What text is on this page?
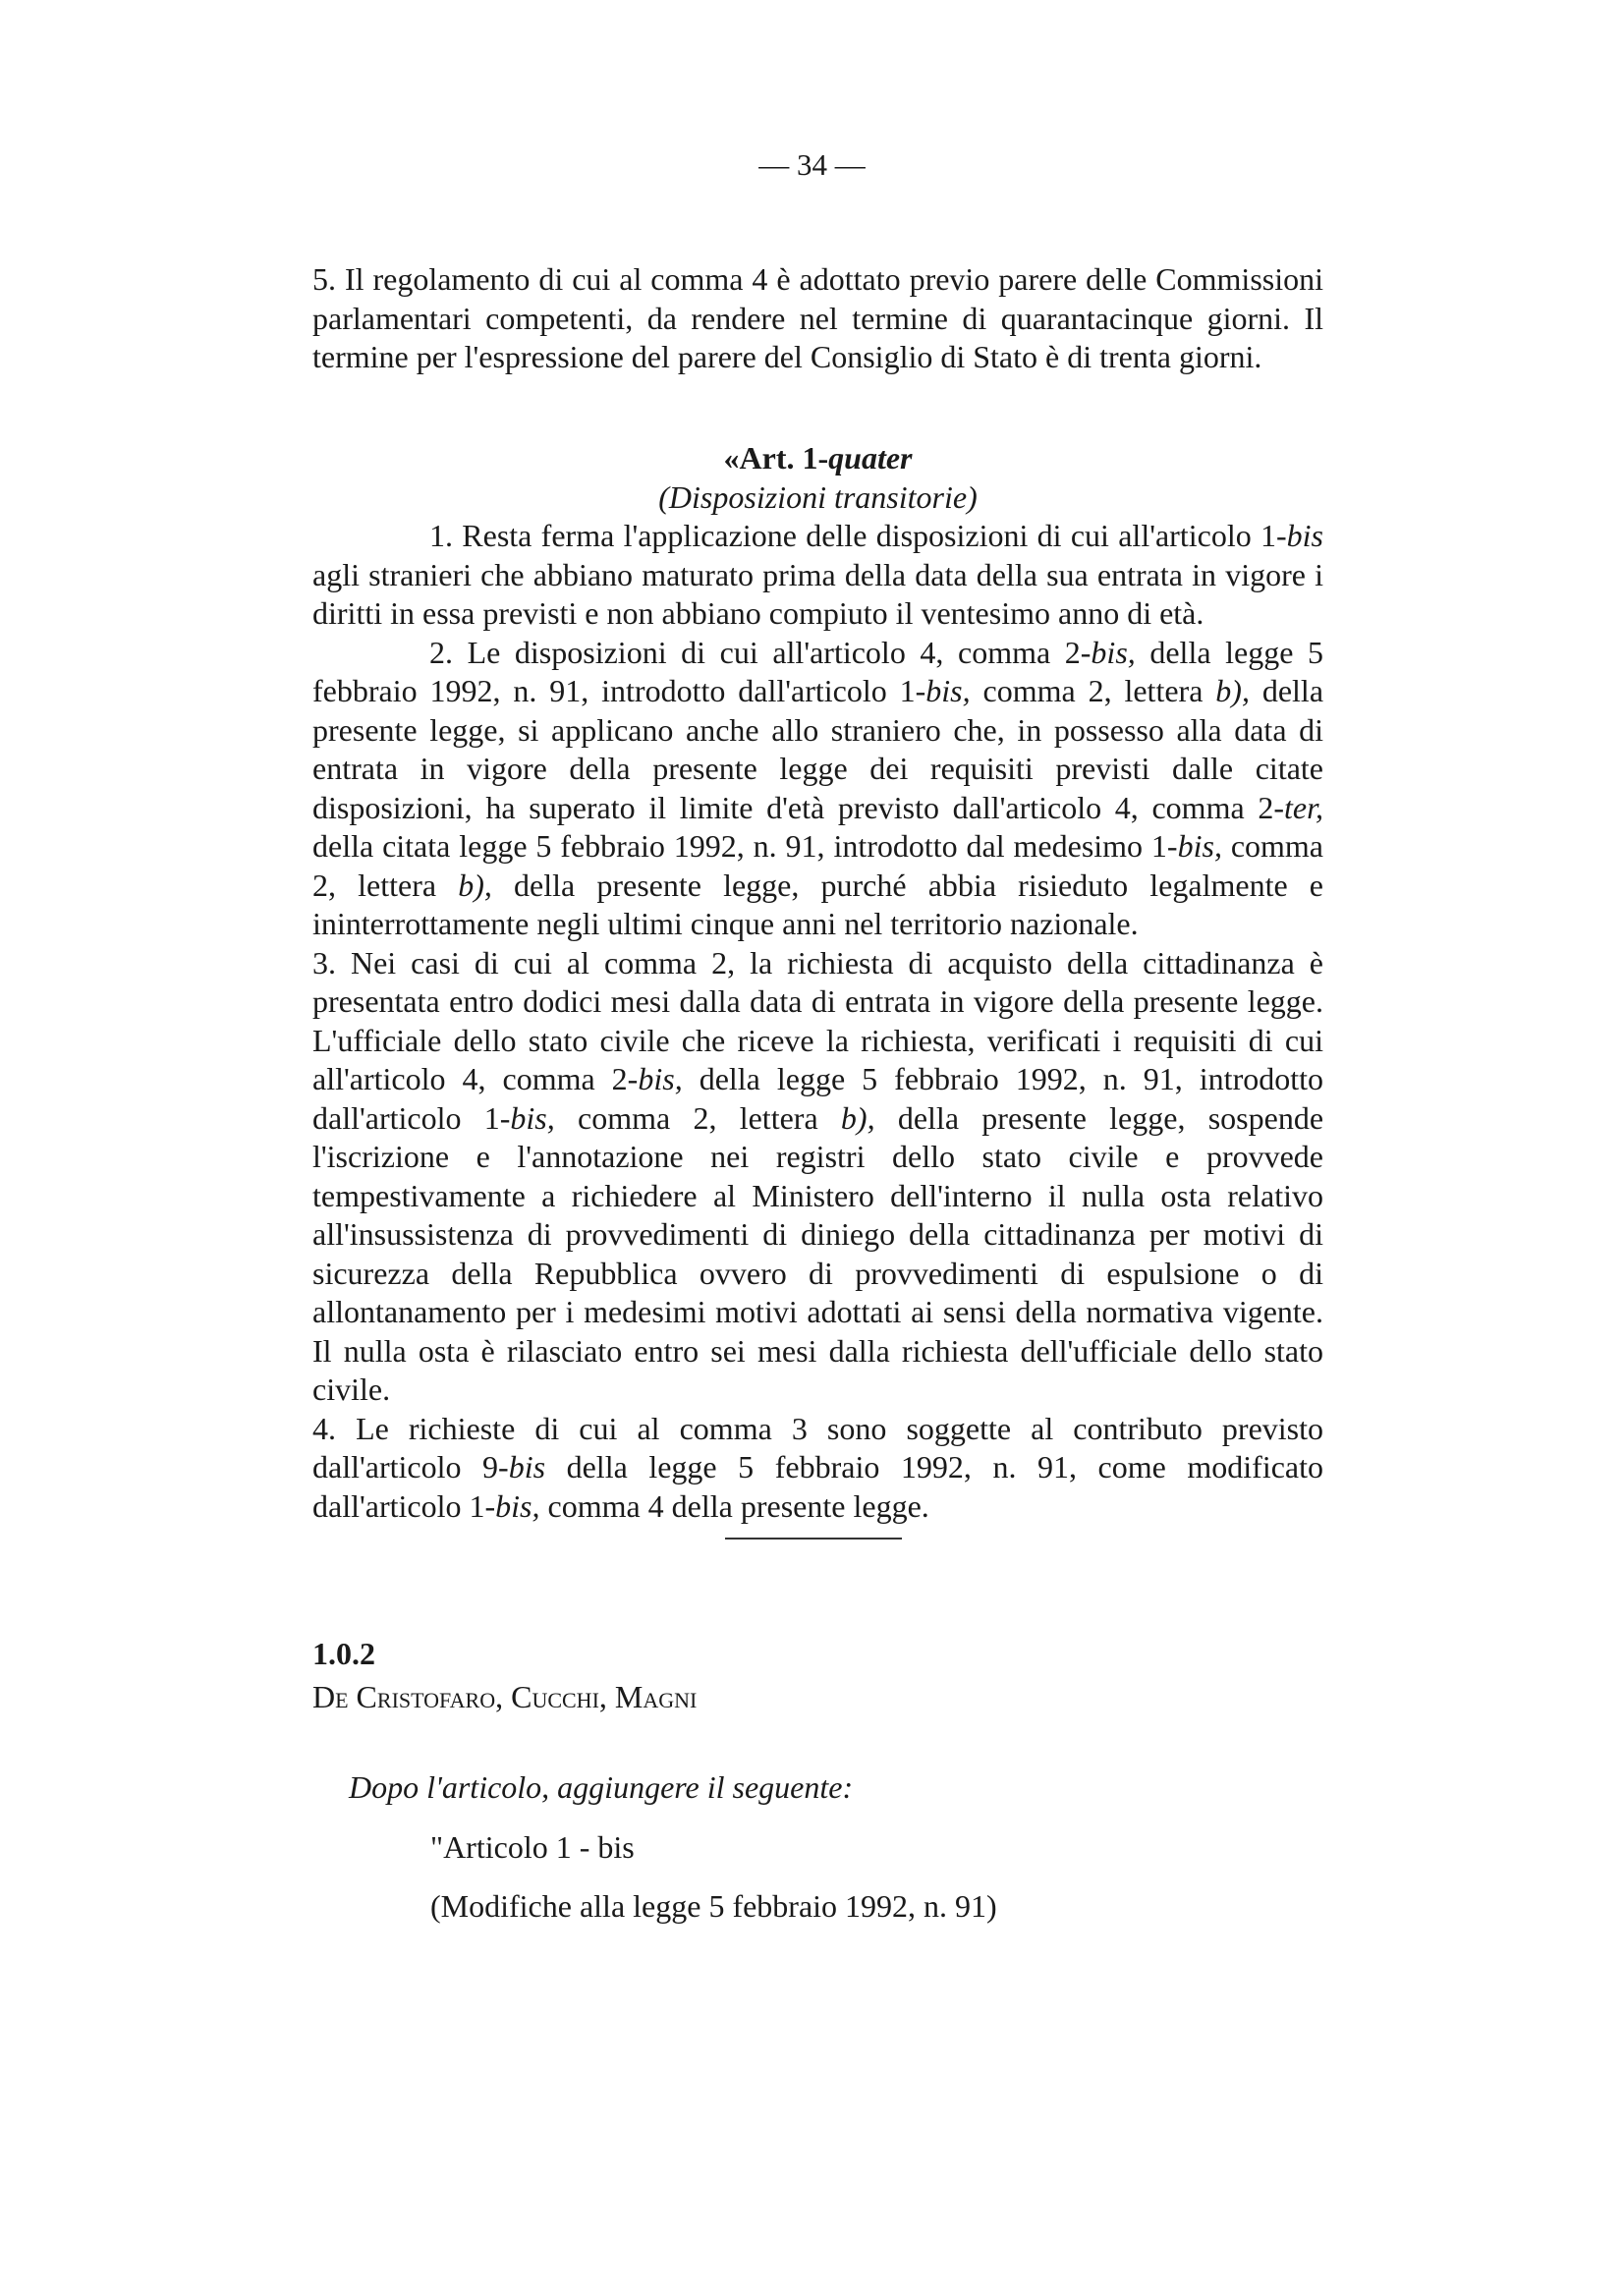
— 34 —

5. Il regolamento di cui al comma 4 è adottato previo parere delle Commissioni parlamentari competenti, da rendere nel termine di quarantacinque giorni. Il termine per l'espressione del parere del Consiglio di Stato è di trenta giorni.

«Art. 1-quater

(Disposizioni transitorie)

1. Resta ferma l'applicazione delle disposizioni di cui all'articolo 1-bis agli stranieri che abbiano maturato prima della data della sua entrata in vigore i diritti in essa previsti e non abbiano compiuto il ventesimo anno di età.

2. Le disposizioni di cui all'articolo 4, comma 2-bis, della legge 5 febbraio 1992, n. 91, introdotto dall'articolo 1-bis, comma 2, lettera b), della presente legge, si applicano anche allo straniero che, in possesso alla data di entrata in vigore della presente legge dei requisiti previsti dalle citate disposizioni, ha superato il limite d'età previsto dall'articolo 4, comma 2-ter, della citata legge 5 febbraio 1992, n. 91, introdotto dal medesimo 1-bis, comma 2, lettera b), della presente legge, purché abbia risieduto legalmente e ininterrottamente negli ultimi cinque anni nel territorio nazionale.

3. Nei casi di cui al comma 2, la richiesta di acquisto della cittadinanza è presentata entro dodici mesi dalla data di entrata in vigore della presente legge. L'ufficiale dello stato civile che riceve la richiesta, verificati i requisiti di cui all'articolo 4, comma 2-bis, della legge 5 febbraio 1992, n. 91, introdotto dall'articolo 1-bis, comma 2, lettera b), della presente legge, sospende l'iscrizione e l'annotazione nei registri dello stato civile e provvede tempestivamente a richiedere al Ministero dell'interno il nulla osta relativo all'insussistenza di provvedimenti di diniego della cittadinanza per motivi di sicurezza della Repubblica ovvero di provvedimenti di espulsione o di allontanamento per i medesimi motivi adottati ai sensi della normativa vigente. Il nulla osta è rilasciato entro sei mesi dalla richiesta dell'ufficiale dello stato civile.

4. Le richieste di cui al comma 3 sono soggette al contributo previsto dall'articolo 9-bis della legge 5 febbraio 1992, n. 91, come modificato dall'articolo 1-bis, comma 4 della presente legge.

1.0.2
De Cristofaro, Cucchi, Magni
Dopo l'articolo, aggiungere il seguente:
"Articolo 1 - bis
(Modifiche alla legge 5 febbraio 1992, n. 91)
